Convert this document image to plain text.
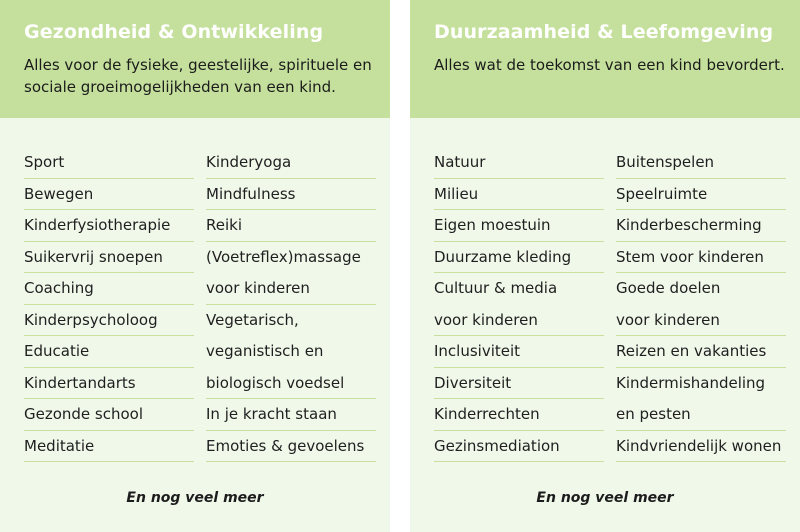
Gezondheid & Ontwikkeling

Alles voor de fysieke, geestelijke, spirituele en sociale groeimogelijkheden van een kind.

Sport
Bewegen
Kinderfysiotherapie
Suikervrij snoepen
Coaching
Kinderpsycholoog
Educatie
Kindertandarts
Gezonde school
Meditatie
Kinderyoga
Mindfulness
Reiki
(Voetreflex)massage
voor kinderen
Vegetarisch,
veganistisch en
biologisch voedsel
In je kracht staan
Emoties & gevoelens
En nog veel meer
Duurzaamheid & Leefomgeving

Alles wat de toekomst van een kind bevordert.

Natuur
Milieu
Eigen moestuin
Duurzame kleding
Cultuur & media
voor kinderen
Inclusiviteit
Diversiteit
Kinderrechten
Gezinsmediation
Buitenspelen
Speelruimte
Kinderbescherming
Stem voor kinderen
Goede doelen
voor kinderen
Reizen en vakanties
Kindermishandeling
en pesten
Kindvriendelijk wonen
En nog veel meer
